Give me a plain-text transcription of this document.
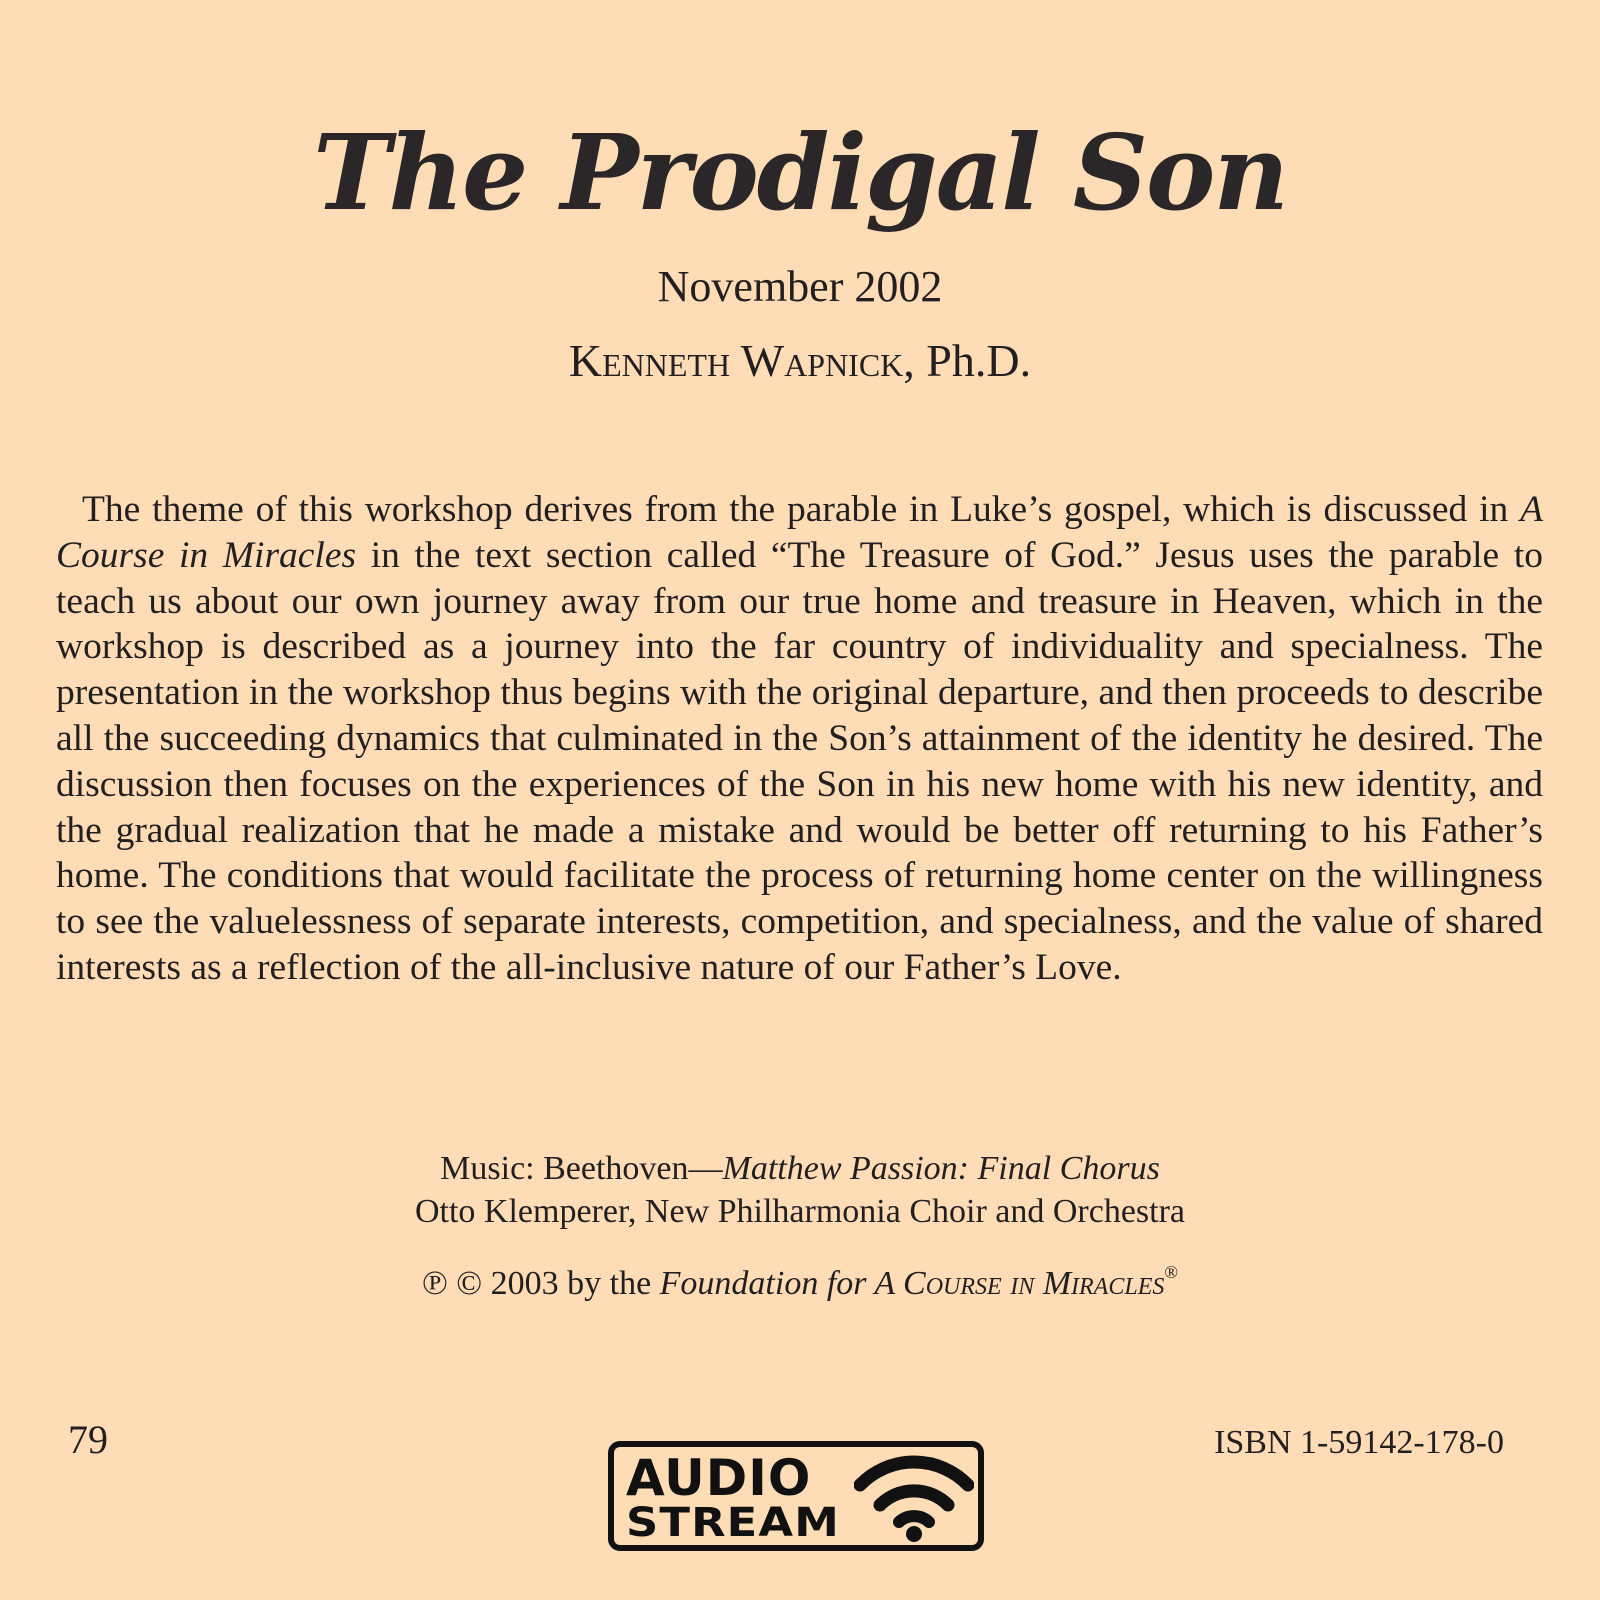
The Prodigal Son
November 2002
Kenneth Wapnick, Ph.D.

The theme of this workshop derives from the parable in Luke’s gospel, which is discussed in A Course in Miracles in the text section called “The Treasure of God.” Jesus uses the parable to teach us about our own journey away from our true home and treasure in Heaven, which in the workshop is described as a journey into the far country of individuality and specialness. The presentation in the workshop thus begins with the original departure, and then proceeds to describe all the succeeding dynamics that culminated in the Son’s attainment of the identity he desired. The discussion then focuses on the experiences of the Son in his new home with his new identity, and the gradual realization that he made a mistake and would be better off returning to his Father’s home. The conditions that would facilitate the process of returning home center on the willingness to see the valuelessness of separate interests, competition, and specialness, and the value of shared interests as a reflection of the all-inclusive nature of our Father’s Love.

Music: Beethoven—Matthew Passion: Final Chorus
Otto Klemperer, New Philharmonia Choir and Orchestra
℗ © 2003 by the Foundation for A Course in Miracles®
79	ISBN 1-59142-178-0
AUDIO
STREAM
